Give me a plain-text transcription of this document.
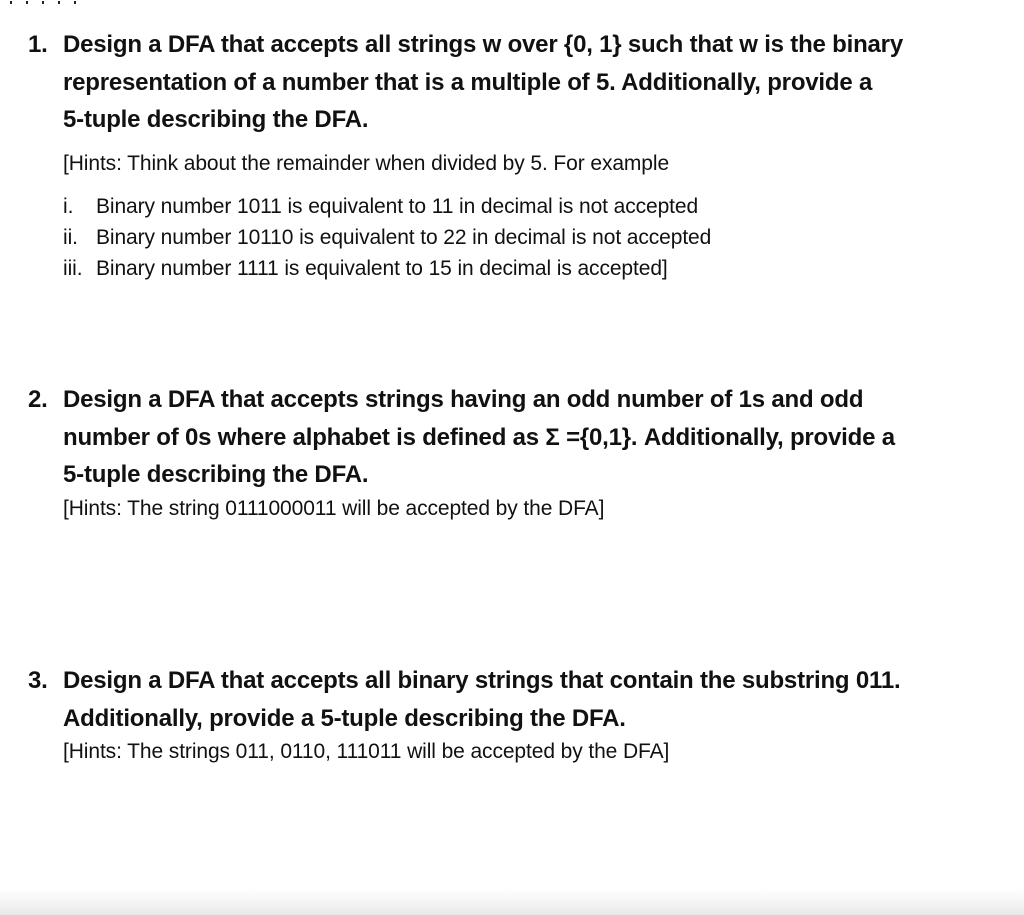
1. Design a DFA that accepts all strings w over {0, 1} such that w is the binary
representation of a number that is a multiple of 5. Additionally, provide a
5-tuple describing the DFA.
[Hints: Think about the remainder when divided by 5. For example
i. Binary number 1011 is equivalent to 11 in decimal is not accepted
ii. Binary number 10110 is equivalent to 22 in decimal is not accepted
iii. Binary number 1111 is equivalent to 15 in decimal is accepted]
2. Design a DFA that accepts strings having an odd number of 1s and odd
number of 0s where alphabet is defined as Σ ={0,1}. Additionally, provide a
5-tuple describing the DFA.
[Hints: The string 0111000011 will be accepted by the DFA]
3. Design a DFA that accepts all binary strings that contain the substring 011.
Additionally, provide a 5-tuple describing the DFA.
[Hints: The strings 011, 0110, 111011 will be accepted by the DFA]
